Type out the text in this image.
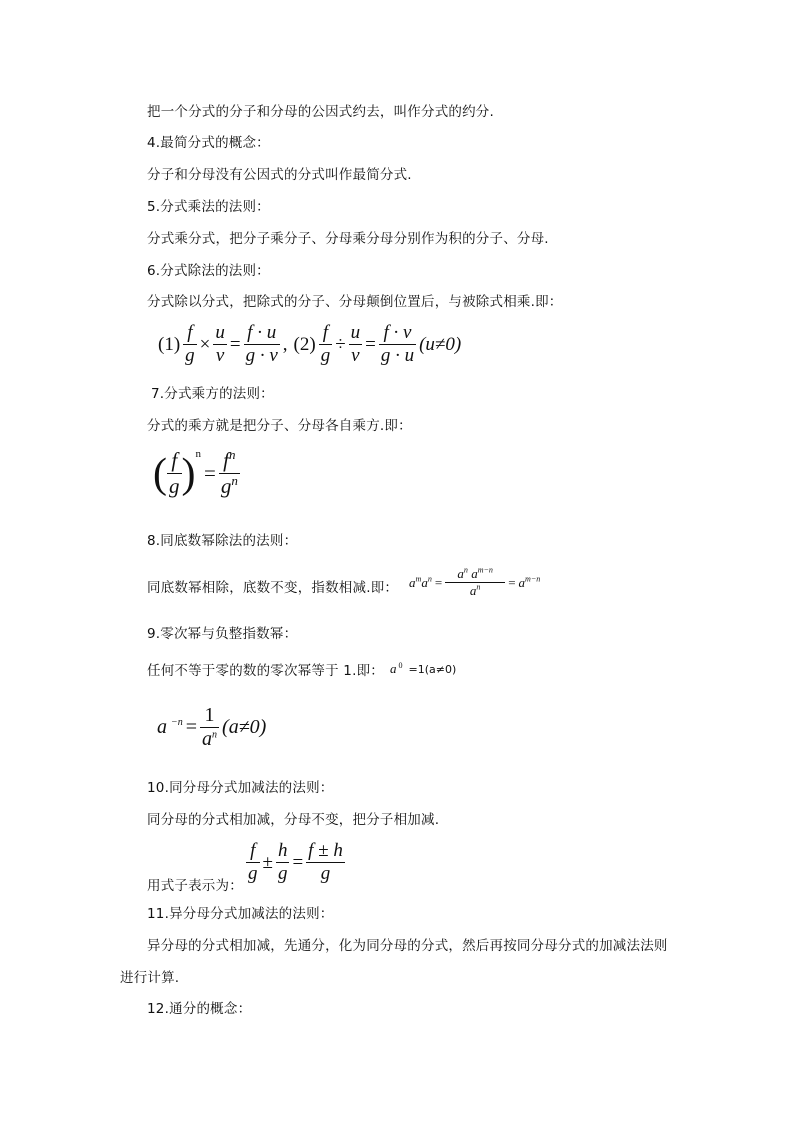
把一个分式的分子和分母的公因式约去，叫作分式的约分.
4.最简分式的概念：
分子和分母没有公因式的分式叫作最简分式.
5.分式乘法的法则：
分式乘分式，把分子乘分子、分母乘分母分别作为积的分子、分母.
6.分式除法的法则：
分式除以分式，把除式的分子、分母颠倒位置后，与被除式相乘.即：
$(1) \frac{f}{g} \times \frac{u}{v} = \frac{f \cdot u}{g \cdot v}$ , $(2) \frac{f}{g} \div \frac{u}{v} = \frac{f \cdot v}{g \cdot u} (u\ne 0)$
7.分式乘方的法则：
分式的乘方就是把分子、分母各自乘方.即：
( $\frac{f}{g} )^n= \frac{f^n}{g^n}$
8.同底数幂除法的法则：
同底数幂相除，底数不变，指数相减.即： $a^ma^n = \frac{a^n a^{m-n}}{a^n} = a^{m-n}$
9.零次幂与负整指数幂：
任何不等于零的数的零次幂等于 1.即： a $^0$ =1(a≠0)
a $^{-n} = \frac{1}{a^n} (a\ne 0)$
10.同分母分式加减法的法则：
同分母的分式相加减，分母不变，把分子相加减.
用式子表示为：
$\frac{f}{g} \pm \frac{h}{g} = \frac{f \pm h}{g}$
11.异分母分式加减法的法则：
异分母的分式相加减，先通分，化为同分母的分式，然后再按同分母分式的加减法法则
进行计算.
12.通分的概念：
